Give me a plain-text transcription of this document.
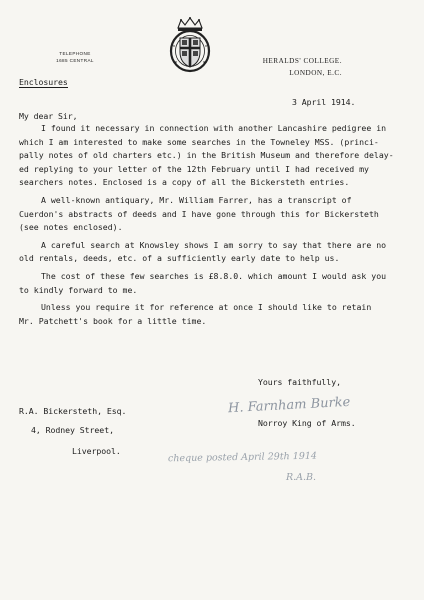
TELEPHONE
1685 CENTRAL	HERALDS' COLLEGE.
LONDON, E.C.
Enclosures
3 April 1914.
My dear Sir,

I found it necessary in connection with another Lancashire pedigree in

which I am interested to make some searches in the Towneley MSS. (princi-

pally notes of old charters etc.) in the British Museum and therefore delay-

ed replying to your letter of the 12th February until I had received my

searchers notes. Enclosed is a copy of all the Bickersteth entries.

A well-known antiquary, Mr. William Farrer, has a transcript of

Cuerdon's abstracts of deeds and I have gone through this for Bickersteth

(see notes enclosed).

A careful search at Knowsley shows I am sorry to say that there are no

old rentals, deeds, etc. of a sufficiently early date to help us.

The cost of these few searches is £8.8.0. which amount I would ask you

to kindly forward to me.

Unless you require it for reference at once I should like to retain

Mr. Patchett's book for a little time.

Yours faithfully,
H. Farnham Burke
Norroy King of Arms.
R.A. Bickersteth, Esq.
4, Rodney Street,
Liverpool.	cheque posted April 29th 1914
R.A.B.
